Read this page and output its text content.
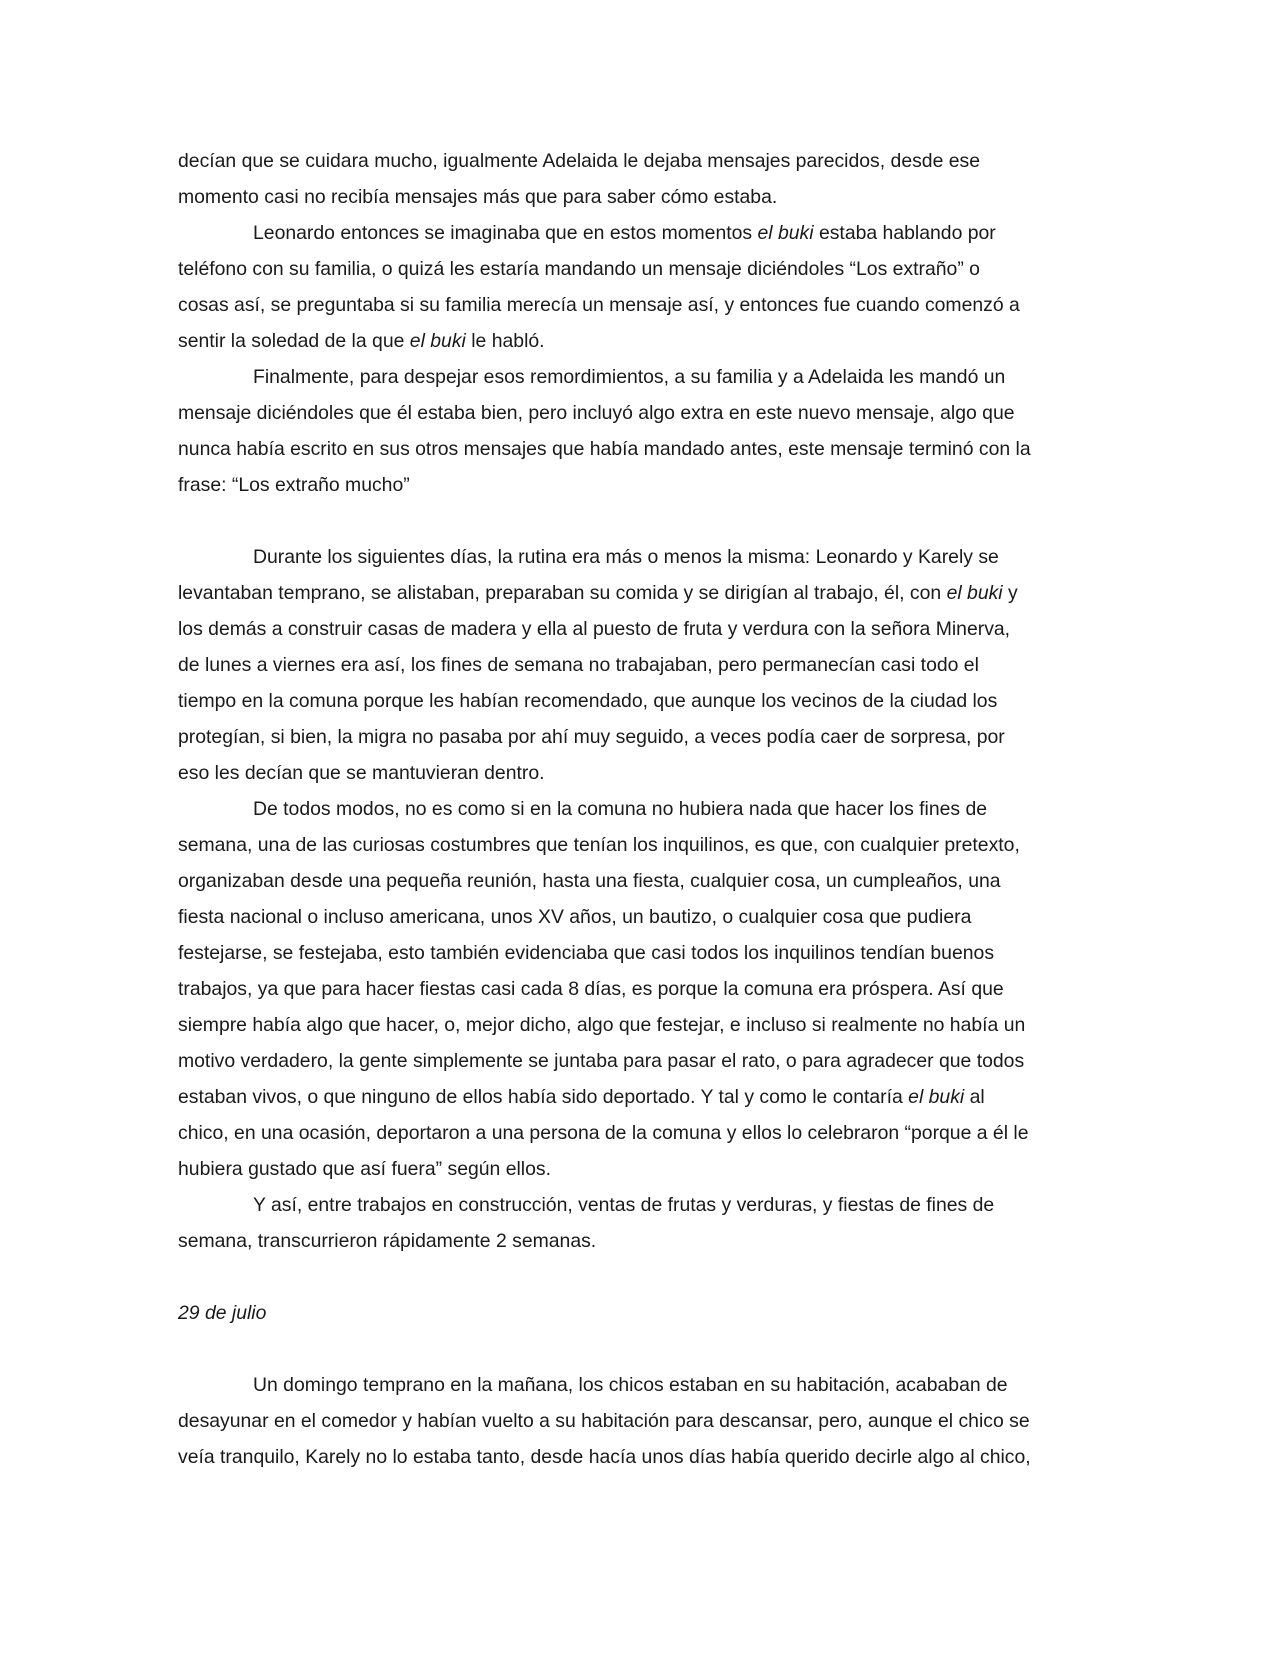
decían que se cuidara mucho, igualmente Adelaida le dejaba mensajes parecidos, desde ese
momento casi no recibía mensajes más que para saber cómo estaba.

Leonardo entonces se imaginaba que en estos momentos el buki estaba hablando por
teléfono con su familia, o quizá les estaría mandando un mensaje diciéndoles “Los extraño” o
cosas así, se preguntaba si su familia merecía un mensaje así, y entonces fue cuando comenzó a
sentir la soledad de la que el buki le habló.

Finalmente, para despejar esos remordimientos, a su familia y a Adelaida les mandó un
mensaje diciéndoles que él estaba bien, pero incluyó algo extra en este nuevo mensaje, algo que
nunca había escrito en sus otros mensajes que había mandado antes, este mensaje terminó con la
frase: “Los extraño mucho”

Durante los siguientes días, la rutina era más o menos la misma: Leonardo y Karely se
levantaban temprano, se alistaban, preparaban su comida y se dirigían al trabajo, él, con el buki y
los demás a construir casas de madera y ella al puesto de fruta y verdura con la señora Minerva,
de lunes a viernes era así, los fines de semana no trabajaban, pero permanecían casi todo el
tiempo en la comuna porque les habían recomendado, que aunque los vecinos de la ciudad los
protegían, si bien, la migra no pasaba por ahí muy seguido, a veces podía caer de sorpresa, por
eso les decían que se mantuvieran dentro.

De todos modos, no es como si en la comuna no hubiera nada que hacer los fines de
semana, una de las curiosas costumbres que tenían los inquilinos, es que, con cualquier pretexto,
organizaban desde una pequeña reunión, hasta una fiesta, cualquier cosa, un cumpleaños, una
fiesta nacional o incluso americana, unos XV años, un bautizo, o cualquier cosa que pudiera
festejarse, se festejaba, esto también evidenciaba que casi todos los inquilinos tendían buenos
trabajos, ya que para hacer fiestas casi cada 8 días, es porque la comuna era próspera. Así que
siempre había algo que hacer, o, mejor dicho, algo que festejar, e incluso si realmente no había un
motivo verdadero, la gente simplemente se juntaba para pasar el rato, o para agradecer que todos
estaban vivos, o que ninguno de ellos había sido deportado. Y tal y como le contaría el buki al
chico, en una ocasión, deportaron a una persona de la comuna y ellos lo celebraron “porque a él le
hubiera gustado que así fuera” según ellos.

Y así, entre trabajos en construcción, ventas de frutas y verduras, y fiestas de fines de
semana, transcurrieron rápidamente 2 semanas.

29 de julio

Un domingo temprano en la mañana, los chicos estaban en su habitación, acababan de
desayunar en el comedor y habían vuelto a su habitación para descansar, pero, aunque el chico se
veía tranquilo, Karely no lo estaba tanto, desde hacía unos días había querido decirle algo al chico,
